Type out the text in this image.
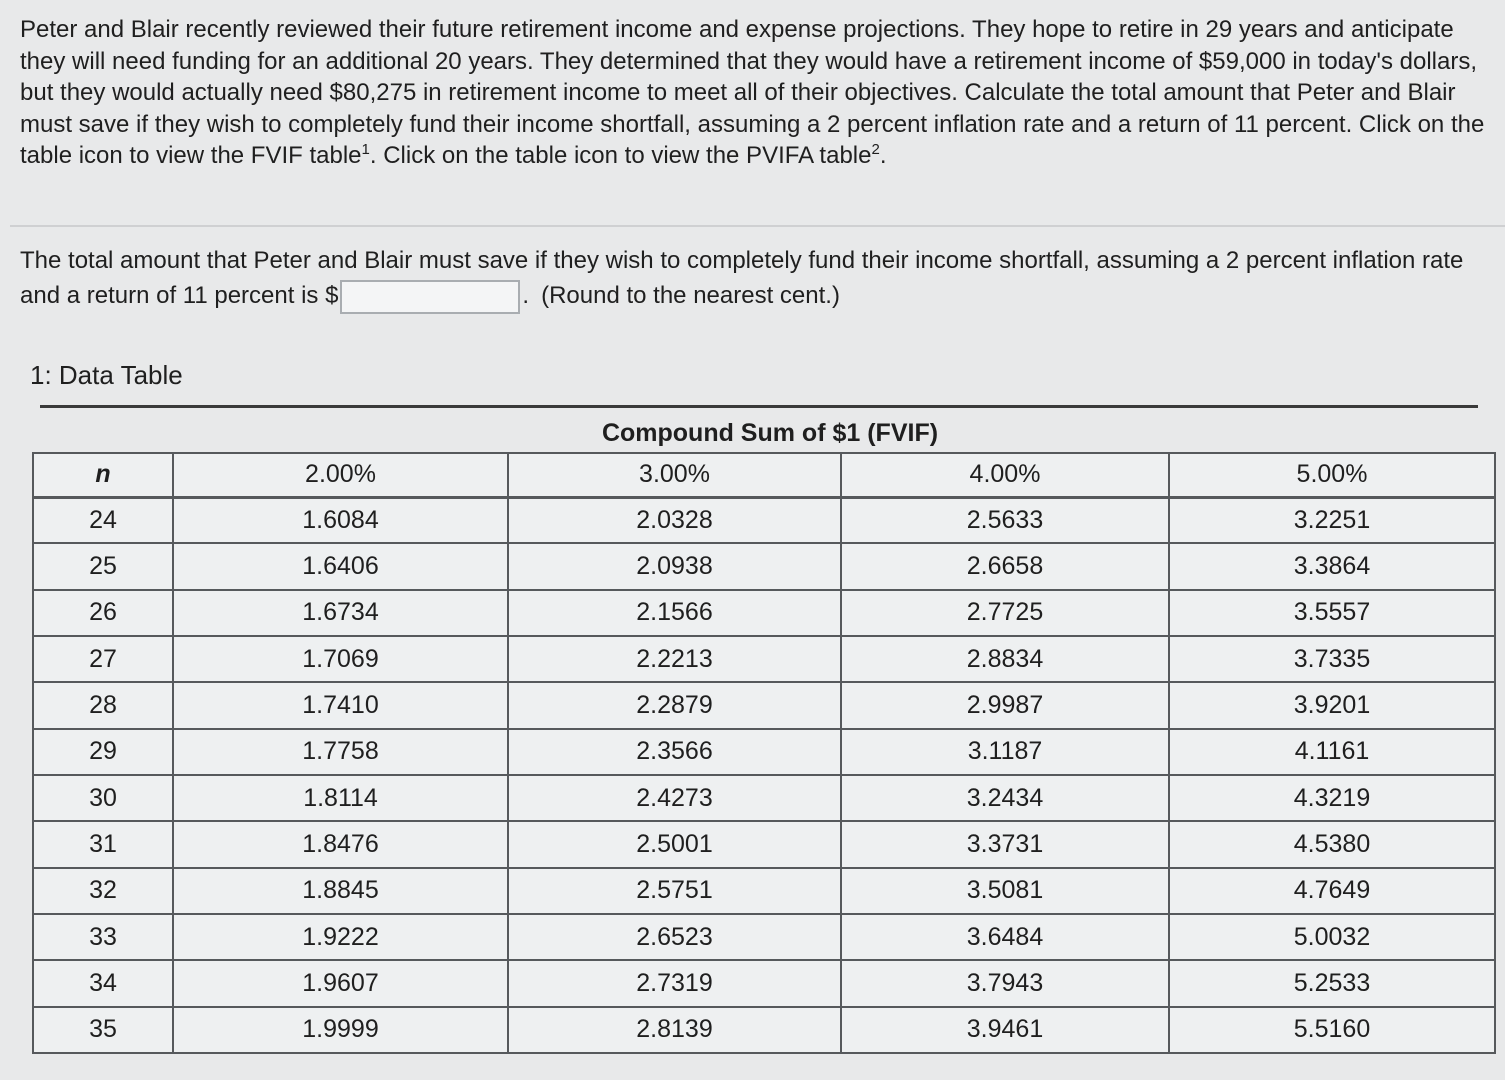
Peter and Blair recently reviewed their future retirement income and expense projections. They hope to retire in 29 years and anticipate they will need funding for an additional 20 years. They determined that they would have a retirement income of $59,000 in today's dollars, but they would actually need $80,275 in retirement income to meet all of their objectives. Calculate the total amount that Peter and Blair must save if they wish to completely fund their income shortfall, assuming a 2 percent inflation rate and a return of 11 percent. Click on the table icon to view the FVIF table$^1$. Click on the table icon to view the PVIFA table$^2$.

The total amount that Peter and Blair must save if they wish to completely fund their income shortfall, assuming a 2 percent inflation rate and a return of 11 percent is $	. (Round to the nearest cent.)

1: Data Table

Compound Sum of $1 (FVIF)

n	2.00%	3.00%	4.00%	5.00%
24	1.6084	2.0328	2.5633	3.2251
25	1.6406	2.0938	2.6658	3.3864
26	1.6734	2.1566	2.7725	3.5557
27	1.7069	2.2213	2.8834	3.7335
28	1.7410	2.2879	2.9987	3.9201
29	1.7758	2.3566	3.1187	4.1161
30	1.8114	2.4273	3.2434	4.3219
31	1.8476	2.5001	3.3731	4.5380
32	1.8845	2.5751	3.5081	4.7649
33	1.9222	2.6523	3.6484	5.0032
34	1.9607	2.7319	3.7943	5.2533
35	1.9999	2.8139	3.9461	5.5160
